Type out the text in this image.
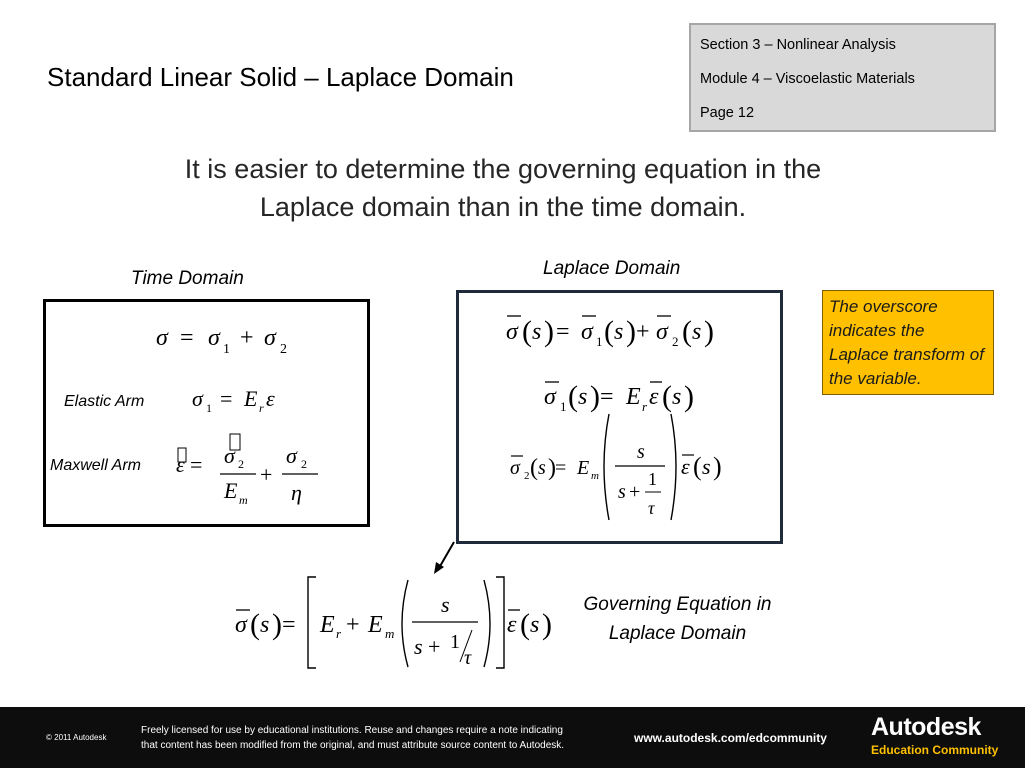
Standard Linear Solid – Laplace Domain
Section 3 – Nonlinear Analysis
Module 4 – Viscoelastic Materials
Page 12
It is easier to determine the governing equation in the
Laplace domain than in the time domain.
Time Domain	Laplace Domain
σ = σ 1 + σ 2
Elastic Arm σ 1 = E r ε
Maxwell Arm ε = σ 2
E m
+
σ 2
η
σ ( s ) = σ 1 ( s ) + σ 2 ( s )
σ 1 ( s ) = E r ε ( s )
σ 2 ( s ) = E m
s
s +
1
τ
ε ( s )
The overscore indicates the Laplace transform of the variable.
σ ( s ) = E r + E m
s
s + 1
τ
ε ( s )
Governing Equation in
Laplace Domain
© 2011 Autodesk
Freely licensed for use by educational institutions. Reuse and changes require a note indicating
that content has been modified from the original, and must attribute source content to Autodesk.
www.autodesk.com/edcommunity Autodesk
Education Community
